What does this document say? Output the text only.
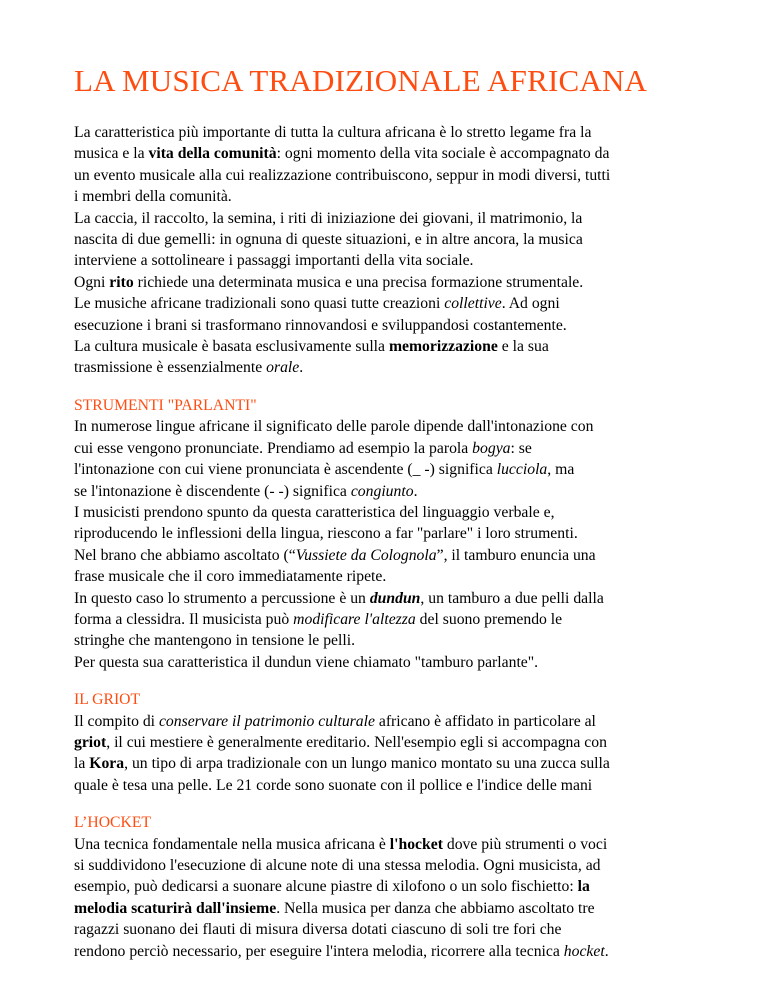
LA MUSICA TRADIZIONALE AFRICANA
La caratteristica più importante di tutta la cultura africana è lo stretto legame fra la
musica e la vita della comunità: ogni momento della vita sociale è accompagnato da
un evento musicale alla cui realizzazione contribuiscono, seppur in modi diversi, tutti
i membri della comunità.
La caccia, il raccolto, la semina, i riti di iniziazione dei giovani, il matrimonio, la
nascita di due gemelli: in ognuna di queste situazioni, e in altre ancora, la musica
interviene a sottolineare i passaggi importanti della vita sociale.
Ogni rito richiede una determinata musica e una precisa formazione strumentale.
Le musiche africane tradizionali sono quasi tutte creazioni collettive. Ad ogni
esecuzione i brani si trasformano rinnovandosi e sviluppandosi costantemente.
La cultura musicale è basata esclusivamente sulla memorizzazione e la sua
trasmissione è essenzialmente orale.
STRUMENTI "PARLANTI"
In numerose lingue africane il significato delle parole dipende dall'intonazione con
cui esse vengono pronunciate. Prendiamo ad esempio la parola bogya: se
l'intonazione con cui viene pronunciata è ascendente (_ -) significa lucciola, ma
se l'intonazione è discendente (- -) significa congiunto.
I musicisti prendono spunto da questa caratteristica del linguaggio verbale e,
riproducendo le inflessioni della lingua, riescono a far "parlare" i loro strumenti.
Nel brano che abbiamo ascoltato (“Vussiete da Colognola”, il tamburo enuncia una
frase musicale che il coro immediatamente ripete.
In questo caso lo strumento a percussione è un dundun, un tamburo a due pelli dalla
forma a clessidra. Il musicista può modificare l'altezza del suono premendo le
stringhe che mantengono in tensione le pelli.
Per questa sua caratteristica il dundun viene chiamato "tamburo parlante".
IL GRIOT
Il compito di conservare il patrimonio culturale africano è affidato in particolare al
griot, il cui mestiere è generalmente ereditario. Nell'esempio egli si accompagna con
la Kora, un tipo di arpa tradizionale con un lungo manico montato su una zucca sulla
quale è tesa una pelle. Le 21 corde sono suonate con il pollice e l'indice delle mani
L’HOCKET
Una tecnica fondamentale nella musica africana è l'hocket dove più strumenti o voci
si suddividono l'esecuzione di alcune note di una stessa melodia. Ogni musicista, ad
esempio, può dedicarsi a suonare alcune piastre di xilofono o un solo fischietto: la
melodia scaturirà dall'insieme. Nella musica per danza che abbiamo ascoltato tre
ragazzi suonano dei flauti di misura diversa dotati ciascuno di soli tre fori che
rendono perciò necessario, per eseguire l'intera melodia, ricorrere alla tecnica hocket.
